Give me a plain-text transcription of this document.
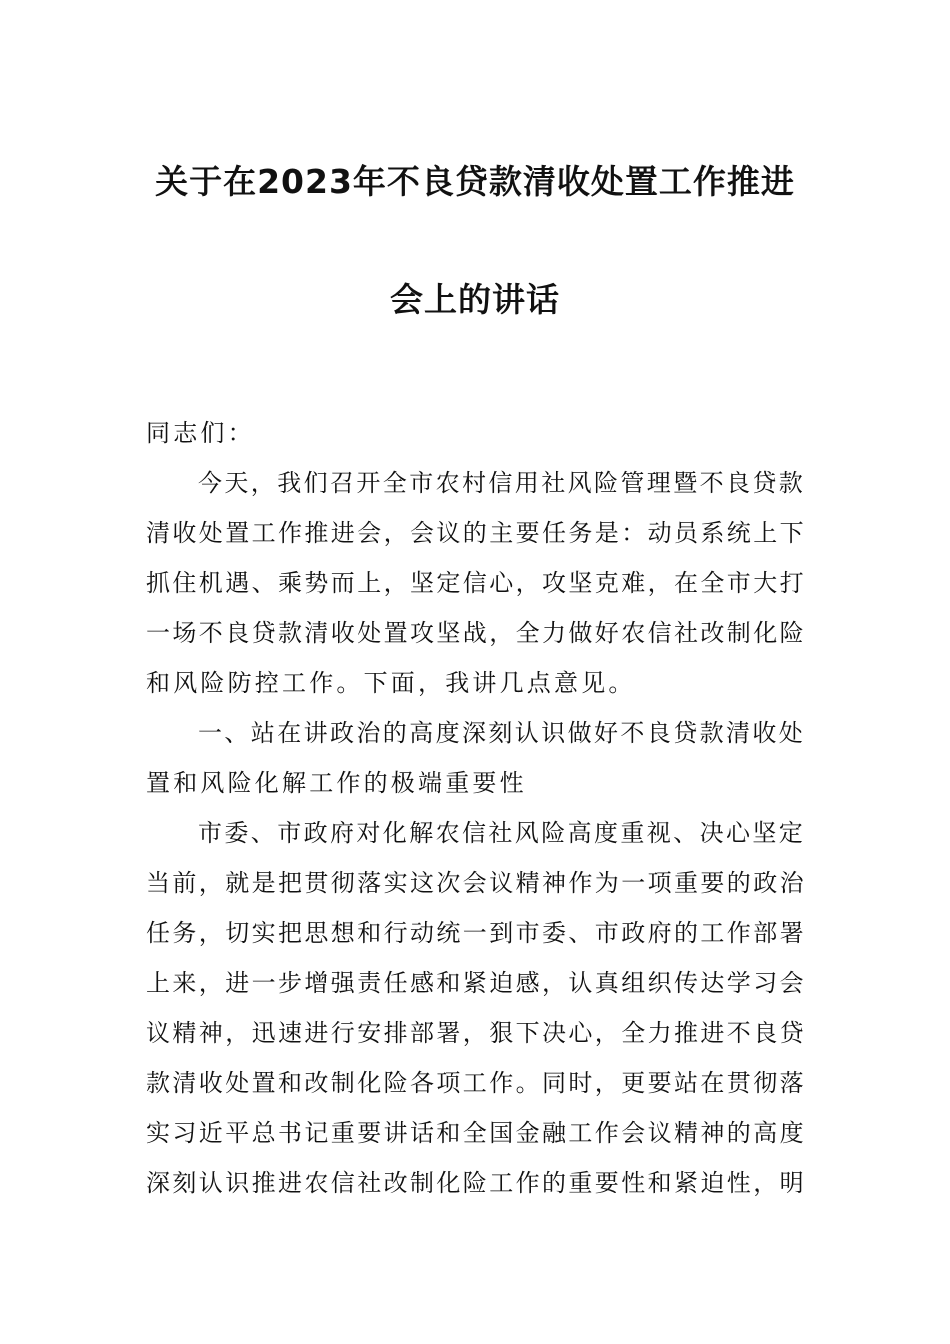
关于在2023年不良贷款清收处置工作推进
会上的讲话
同志们：
今天，我们召开全市农村信用社风险管理暨不良贷款
清收处置工作推进会，会议的主要任务是：动员系统上下
抓住机遇、乘势而上，坚定信心，攻坚克难，在全市大打
一场不良贷款清收处置攻坚战，全力做好农信社改制化险
和风险防控工作。下面，我讲几点意见。
一、站在讲政治的高度深刻认识做好不良贷款清收处
置和风险化解工作的极端重要性
市委、市政府对化解农信社风险高度重视、决心坚定
当前，就是把贯彻落实这次会议精神作为一项重要的政治
任务，切实把思想和行动统一到市委、市政府的工作部署
上来，进一步增强责任感和紧迫感，认真组织传达学习会
议精神，迅速进行安排部署，狠下决心，全力推进不良贷
款清收处置和改制化险各项工作。同时，更要站在贯彻落
实习近平总书记重要讲话和全国金融工作会议精神的高度
深刻认识推进农信社改制化险工作的重要性和紧迫性，明
